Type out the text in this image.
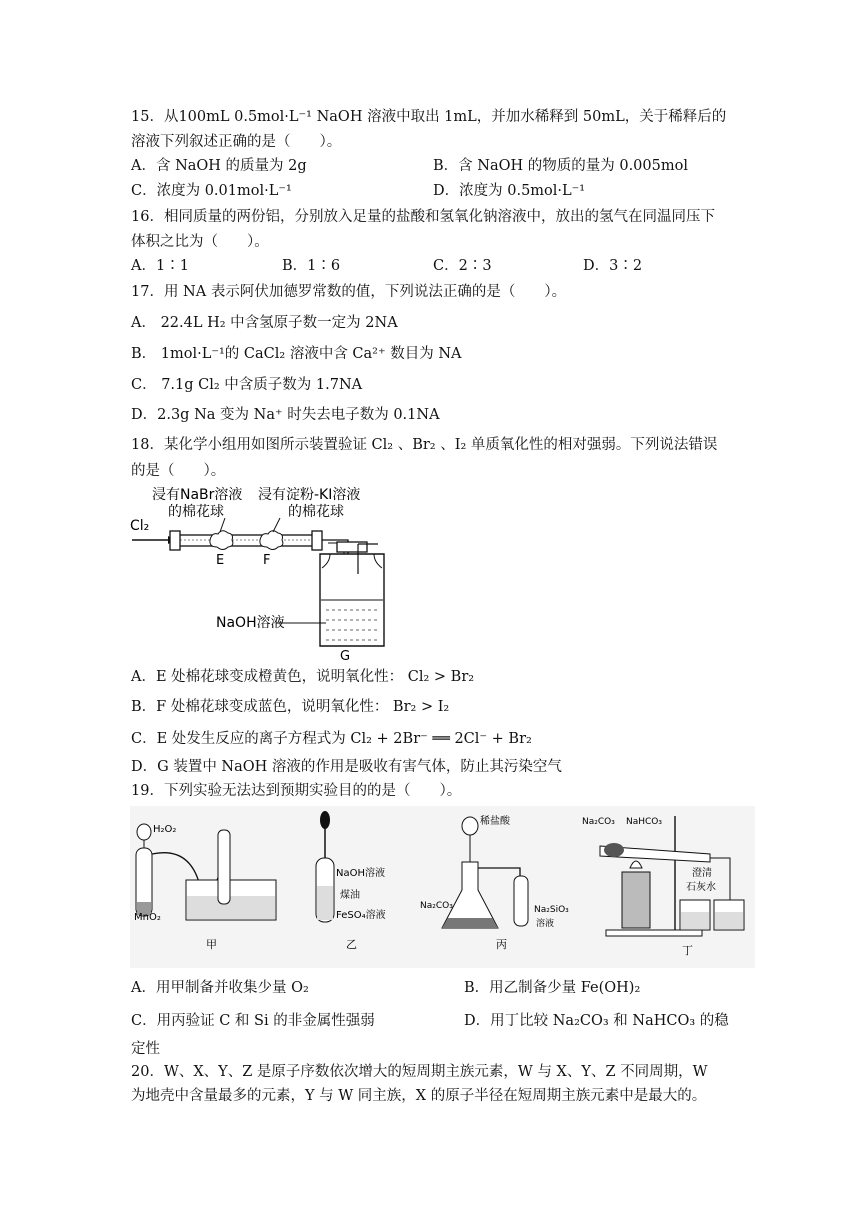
15．从100mL 0.5mol·L⁻¹ NaOH 溶液中取出 1mL，并加水稀释到 50mL，关于稀释后的
溶液下列叙述正确的是（　　）。
A．含 NaOH 的质量为 2g	B．含 NaOH 的物质的量为 0.005mol
C．浓度为 0.01mol·L⁻¹	D．浓度为 0.5mol·L⁻¹
16．相同质量的两份铝，分别放入足量的盐酸和氢氧化钠溶液中，放出的氢气在同温同压下
体积之比为（　　）。
A．1∶1	B．1∶6	C．2∶3	D．3∶2
17．用 NA 表示阿伏加德罗常数的值，下列说法正确的是（　　）。
A． 22.4L H₂ 中含氢原子数一定为 2NA
B． 1mol·L⁻¹的 CaCl₂ 溶液中含 Ca²⁺ 数目为 NA
C． 7.1g Cl₂ 中含质子数为 1.7NA
D．2.3g Na 变为 Na⁺ 时失去电子数为 0.1NA
18．某化学小组用如图所示装置验证 Cl₂ 、Br₂ 、I₂ 单质氧化性的相对强弱。下列说法错误
的是（　　）。
浸有NaBr溶液
的棉花球
浸有淀粉-KI溶液
的棉花球
Cl₂
E	F
NaOH溶液
G
A．E 处棉花球变成橙黄色，说明氧化性： Cl₂ > Br₂
B．F 处棉花球变成蓝色，说明氧化性： Br₂ > I₂
C．E 处发生反应的离子方程式为 Cl₂ + 2Br⁻ ══ 2Cl⁻ + Br₂
D．G 装置中 NaOH 溶液的作用是吸收有害气体，防止其污染空气
19．下列实验无法达到预期实验目的的是（　　）。
H₂O₂
MnO₂
甲
NaOH溶液
煤油
FeSO₄溶液
乙
稀盐酸
Na₂CO₃	Na₂SiO₃
溶液
丙
Na₂CO₃ NaHCO₃
澄清
石灰水
丁
A．用甲制备并收集少量 O₂	B．用乙制备少量 Fe(OH)₂
C．用丙验证 C 和 Si 的非金属性强弱	D．用丁比较 Na₂CO₃ 和 NaHCO₃ 的稳
定性
20．W、X、Y、Z 是原子序数依次增大的短周期主族元素，W 与 X、Y、Z 不同周期，W
为地壳中含量最多的元素，Y 与 W 同主族，X 的原子半径在短周期主族元素中是最大的。
